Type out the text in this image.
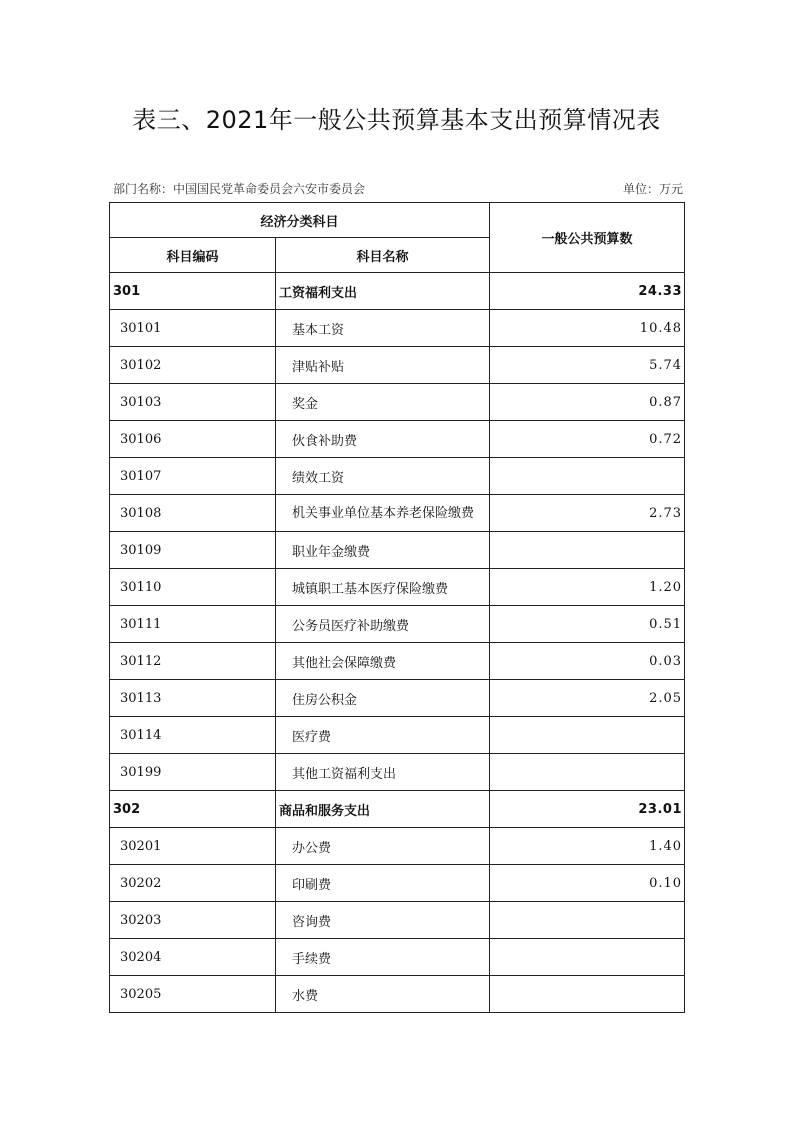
表三、2021年一般公共预算基本支出预算情况表
部门名称：中国国民党革命委员会六安市委员会	单位：万元
经济分类科目		一般公共预算数
科目编码	科目名称	
301	工资福利支出	24.33
30101	基本工资	10.48
30102	津贴补贴	5.74
30103	奖金	0.87
30106	伙食补助费	0.72
30107	绩效工资	
30108	机关事业单位基本养老保险缴费	2.73
30109	职业年金缴费	
30110	城镇职工基本医疗保险缴费	1.20
30111	公务员医疗补助缴费	0.51
30112	其他社会保障缴费	0.03
30113	住房公积金	2.05
30114	医疗费	
30199	其他工资福利支出	
302	商品和服务支出	23.01
30201	办公费	1.40
30202	印刷费	0.10
30203	咨询费	
30204	手续费	
30205	水费	
